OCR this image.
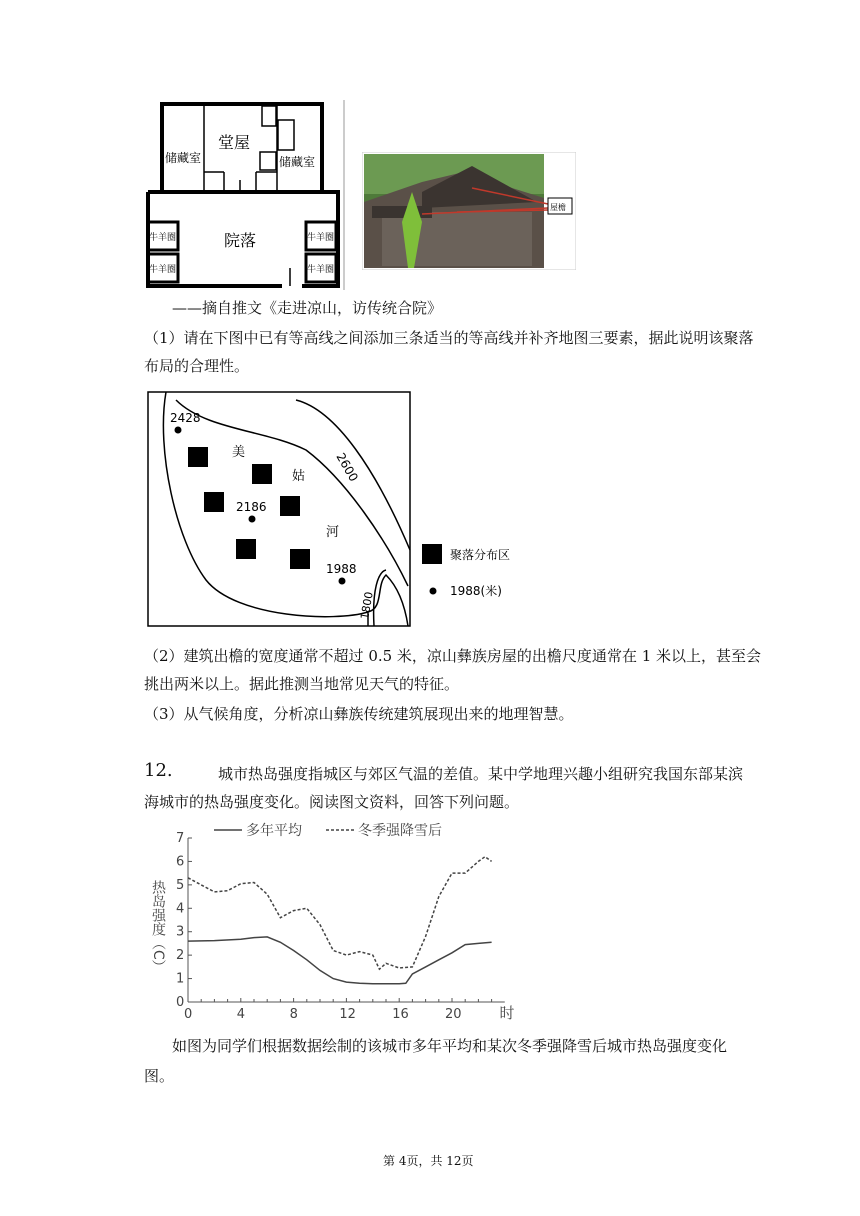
堂屋
储藏室	储藏室
院落
牛羊圈
牛羊圈
牛羊圈
牛羊圈
屋檐
——摘自推文《走进凉山，访传统合院》
（1）请在下图中已有等高线之间添加三条适当的等高线并补齐地图三要素，据此说明该聚落
布局的合理性。
2600
1800
2428
2186
1988
美
姑
河
聚落分布区
1988(米)
（2）建筑出檐的宽度通常不超过 0.5 米，凉山彝族房屋的出檐尺度通常在 1 米以上，甚至会
挑出两米以上。据此推测当地常见天气的特征。
（3）从气候角度，分析凉山彝族传统建筑展现出来的地理智慧。
12.	城市热岛强度指城区与郊区气温的差值。某中学地理兴趣小组研究我国东部某滨
海城市的热岛强度变化。阅读图文资料，回答下列问题。
0
1
2
3
4
5
6
7
0	4	8	12	16	20	时
热岛强度（C）
多年平均	冬季强降雪后
如图为同学们根据数据绘制的该城市多年平均和某次冬季强降雪后城市热岛强度变化
图。
第 4页，共 12页
